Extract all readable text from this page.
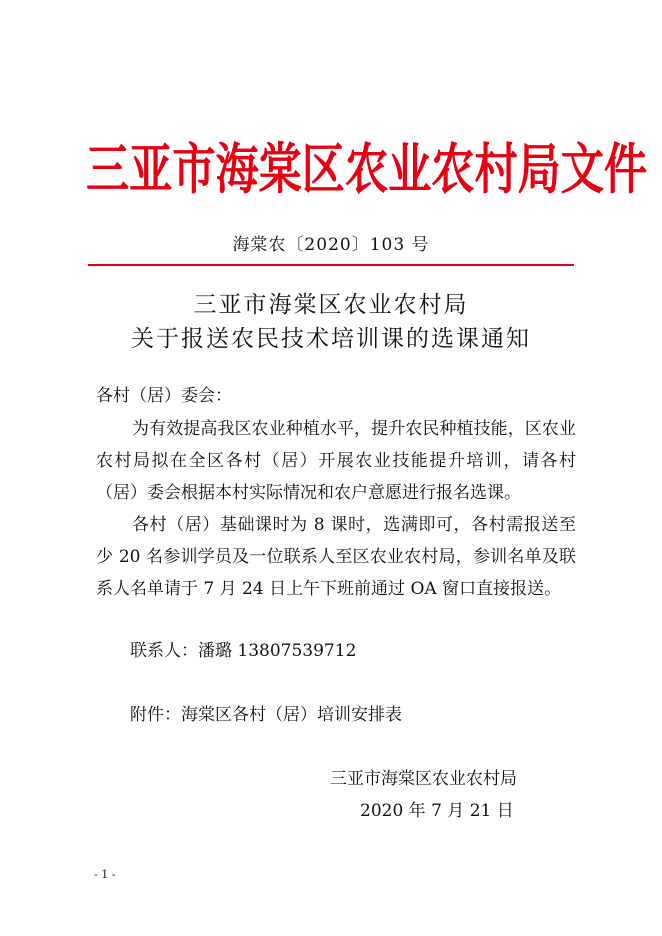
三亚市海棠区农业农村局文件
海棠农〔2020〕103 号
三亚市海棠区农业农村局
关于报送农民技术培训课的选课通知
各村（居）委会：
为有效提高我区农业种植水平，提升农民种植技能，区农业农村局拟在全区各村（居）开展农业技能提升培训，请各村（居）委会根据本村实际情况和农户意愿进行报名选课。
各村（居）基础课时为 8 课时，选满即可，各村需报送至少 20 名参训学员及一位联系人至区农业农村局，参训名单及联系人名单请于 7 月 24 日上午下班前通过 OA 窗口直接报送。
联系人：潘璐 13807539712
附件：海棠区各村（居）培训安排表
三亚市海棠区农业农村局
2020 年 7 月 21 日
- 1 -
